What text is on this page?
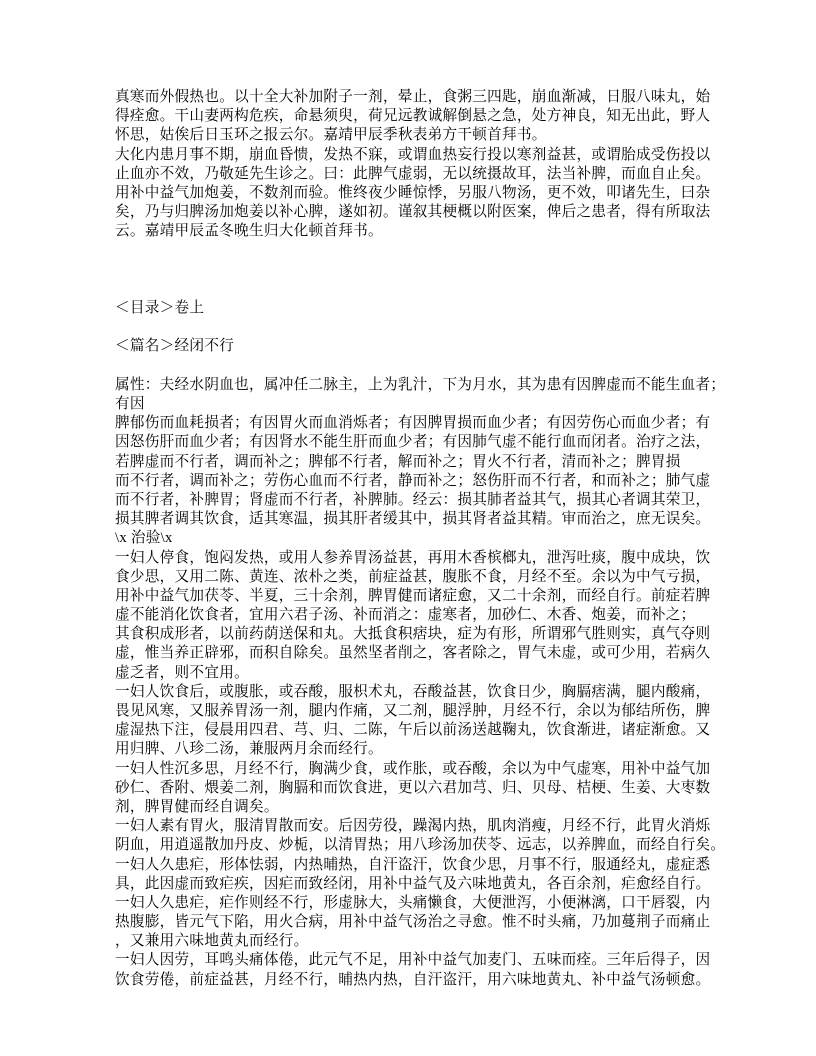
真寒而外假热也。以十全大补加附子一剂，晕止，食粥三四匙，崩血渐减，日服八味丸，始
得痊愈。干山妻两构危疾，命悬须臾，荷兄远教诚解倒悬之急，处方神良，知无出此，野人
怀思，姑俟后日玉环之报云尔。嘉靖甲辰季秋表弟方干顿首拜书。
大化内患月事不期，崩血昏愦，发热不寐，或谓血热妄行投以寒剂益甚，或谓胎成受伤投以
止血亦不效，乃敬延先生诊之。曰：此脾气虚弱，无以统摄故耳，法当补脾，而血自止矣。
用补中益气加炮姜，不数剂而验。惟终夜少睡惊悸，另服八物汤，更不效，叩诸先生，曰杂
矣，乃与归脾汤加炮姜以补心脾，遂如初。谨叙其梗概以附医案，俾后之患者，得有所取法
云。嘉靖甲辰孟冬晚生归大化顿首拜书。

＜目录＞卷上

＜篇名＞经闭不行

属性：夫经水阴血也，属冲任二脉主，上为乳汁，下为月水，其为患有因脾虚而不能生血者；
有因
脾郁伤而血耗损者；有因胃火而血消烁者；有因脾胃损而血少者；有因劳伤心而血少者；有
因怒伤肝而血少者；有因肾水不能生肝而血少者；有因肺气虚不能行血而闭者。治疗之法，
若脾虚而不行者，调而补之；脾郁不行者，解而补之；胃火不行者，清而补之；脾胃损
而不行者，调而补之；劳伤心血而不行者，静而补之；怒伤肝而不行者，和而补之；肺气虚
而不行者，补脾胃；肾虚而不行者，补脾肺。经云：损其肺者益其气，损其心者调其荣卫，
损其脾者调其饮食，适其寒温，损其肝者缓其中，损其肾者益其精。审而治之，庶无误矣。
\x 治验\x
一妇人停食，饱闷发热，或用人参养胃汤益甚，再用木香槟榔丸，泄泻吐痰，腹中成块，饮
食少思，又用二陈、黄连、浓朴之类，前症益甚，腹胀不食，月经不至。余以为中气亏损，
用补中益气加茯苓、半夏，三十余剂，脾胃健而诸症愈，又二十余剂，而经自行。前症若脾
虚不能消化饮食者，宜用六君子汤、补而消之：虚寒者，加砂仁、木香、炮姜，而补之；
其食积成形者，以前药荫送保和丸。大抵食积痞块，症为有形，所谓邪气胜则实，真气夺则
虚，惟当养正辟邪，而积自除矣。虽然坚者削之，客者除之，胃气未虚，或可少用，若病久
虚乏者，则不宜用。
一妇人饮食后，或腹胀，或吞酸，服枳术丸，吞酸益甚，饮食日少，胸膈痞满，腿内酸痛，
畏见风寒，又服养胃汤一剂，腿内作痛，又二剂，腿浮肿，月经不行，余以为郁结所伤，脾
虚湿热下注，侵晨用四君、芎、归、二陈，午后以前汤送越鞠丸，饮食渐进，诸症渐愈。又
用归脾、八珍二汤，兼服两月余而经行。
一妇人性沉多思，月经不行，胸满少食，或作胀，或吞酸，余以为中气虚寒，用补中益气加
砂仁、香附、煨姜二剂，胸膈和而饮食进，更以六君加芎、归、贝母、桔梗、生姜、大枣数
剂，脾胃健而经自调矣。
一妇人素有胃火，服清胃散而安。后因劳役，躁渴内热，肌肉消瘦，月经不行，此胃火消烁
阴血，用逍遥散加丹皮、炒栀，以清胃热；用八珍汤加茯苓、远志，以养脾血，而经自行矣。
一妇人久患疟，形体怯弱，内热晡热，自汗盗汗，饮食少思，月事不行，服通经丸，虚症悉
具，此因虚而致疟疾，因疟而致经闭，用补中益气及六味地黄丸，各百余剂，疟愈经自行。
一妇人久患疟，疟作则经不行，形虚脉大，头痛懒食，大便泄泻，小便淋漓，口干唇裂，内
热腹膨，皆元气下陷，用火合病，用补中益气汤治之寻愈。惟不时头痛，乃加蔓荆子而痛止
，又兼用六味地黄丸而经行。
一妇人因劳，耳鸣头痛体倦，此元气不足，用补中益气加麦门、五味而痊。三年后得子，因
饮食劳倦，前症益甚，月经不行，晡热内热，自汗盗汗，用六味地黄丸、补中益气汤顿愈。
